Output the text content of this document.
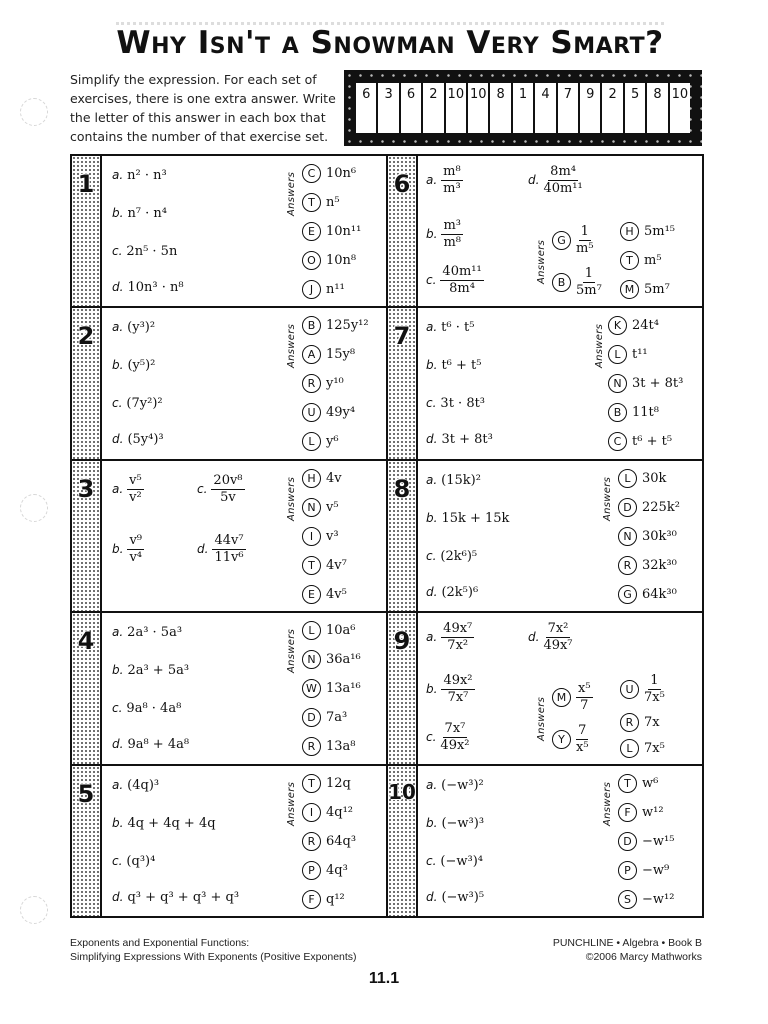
Why Isn't a Snowman Very Smart?
Simplify the expression. For each set of exercises, there is one extra answer. Write the letter of this answer in each box that contains the number of that exercise set.
6	3	6	2 10 10 8	1	4	7	9	2	5	8 10
1	a. n² · n³
b. n⁷ · n⁴
c. 2n⁵ · 5n
d. 10n³ · n⁸
Answers C 10n⁶
T n⁵
E 10n¹¹
O 10n⁸
J n¹¹
2	a. (y³)²
b. (y⁵)²
c. (7y²)²
d. (5y⁴)³
Answers B 125y¹²
A 15y⁸
R y¹⁰
U 49y⁴
L y⁶
3	a. $\frac{\text{v⁵}}{\text{v²}}$
b. $\frac{\text{v⁹}}{\text{v⁴}}$
c. $\frac{\text{20v⁸}}{5v}$
d. $\frac{\text{44v⁷}}{\text{11v⁶}}$
Answers H 4v
N v⁵
I v³
T 4v⁷
E 4v⁵
4	a. 2a³ · 5a³
b. 2a³ + 5a³
c. 9a⁸ · 4a⁸
d. 9a⁸ + 4a⁸
Answers	L 10a⁶
N 36a¹⁶
W 13a¹⁶
D 7a³
R 13a⁸
5	a. (4q)³
b. 4q + 4q + 4q
c. (q³)⁴
d. q³ + q³ + q³ + q³
Answers	T 12q
I 4q¹²
R 64q³
P 4q³
F q¹²
6	a. $\frac{\text{m⁸}}{\text{m³}}$
b. $\frac{\text{m³}}{\text{m⁸}}$
c. $\frac{\text{40m¹¹}}{\text{8m⁴}}$
d. $\frac{\text{8m⁴}}{\text{40m¹¹}}$
Answers G $\frac{1}{\text{m⁵}}$
B $\frac{1}{\text{5m⁷}}$
H 5m¹⁵
T m⁵
M 5m⁷
7	a. t⁶ · t⁵
b. t⁶ + t⁵
c. 3t · 8t³
d. 3t + 8t³
Answers K 24t⁴
L t¹¹
N 3t + 8t³
B 11t⁸
C t⁶ + t⁵
8	a. (15k)²
b. 15k + 15k
c. (2k⁶)⁵
d. (2k⁵)⁶
Answers	L 30k
D 225k²
N 30k³⁰
R 32k³⁰
G 64k³⁰
9	a. $\frac{\text{49x⁷}}{\text{7x²}}$
b. $\frac{\text{49x²}}{\text{7x⁷}}$
c. $\frac{\text{7x⁷}}{\text{49x²}}$
d. $\frac{\text{7x²}}{\text{49x⁷}}$
Answers M $\frac{\text{x⁵}}{7}$
Y $\frac{7}{\text{x⁵}}$
U $\frac{1}{\text{7x⁵}}$
R 7x
L 7x⁵
10 a. (−w³)²
b. (−w³)³
c. (−w³)⁴
d. (−w³)⁵
Answers	T w⁶
F w¹²
D −w¹⁵
P −w⁹
S −w¹²
Exponents and Exponential Functions:
Simplifying Expressions With Exponents (Positive Exponents)
PUNCHLINE • Algebra • Book B
©2006 Marcy Mathworks
11.1
